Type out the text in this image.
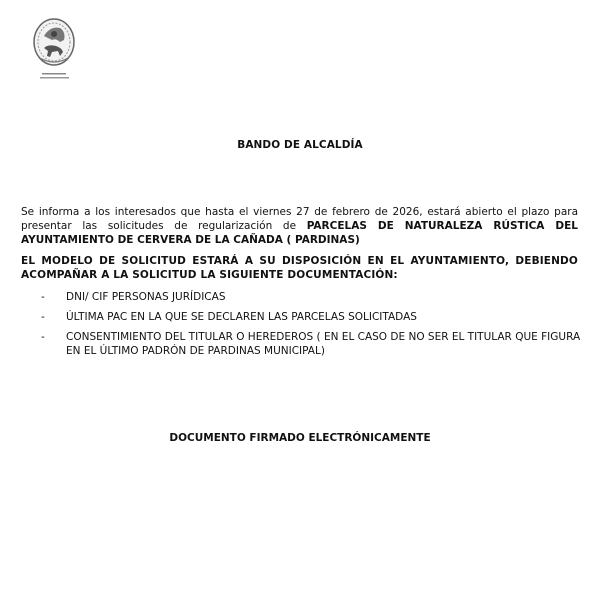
BANDO DE ALCALDÍA
Se informa a los interesados que hasta el viernes 27 de febrero de 2026, estará abierto el plazo para presentar las solicitudes de regularización de PARCELAS DE NATURALEZA RÚSTICA DEL AYUNTAMIENTO DE CERVERA DE LA CAÑADA ( PARDINAS)
EL MODELO DE SOLICITUD ESTARÁ A SU DISPOSICIÓN EN EL AYUNTAMIENTO, DEBIENDO ACOMPAÑAR A LA SOLICITUD LA SIGUIENTE DOCUMENTACIÓN:
- DNI/ CIF PERSONAS JURÍDICAS
- ÚLTIMA PAC EN LA QUE SE DECLAREN LAS PARCELAS SOLICITADAS
- CONSENTIMIENTO DEL TITULAR O HEREDEROS ( EN EL CASO DE NO SER EL TITULAR QUE FIGURA EN EL ÚLTIMO PADRÓN DE PARDINAS MUNICIPAL)
DOCUMENTO FIRMADO ELECTRÓNICAMENTE
